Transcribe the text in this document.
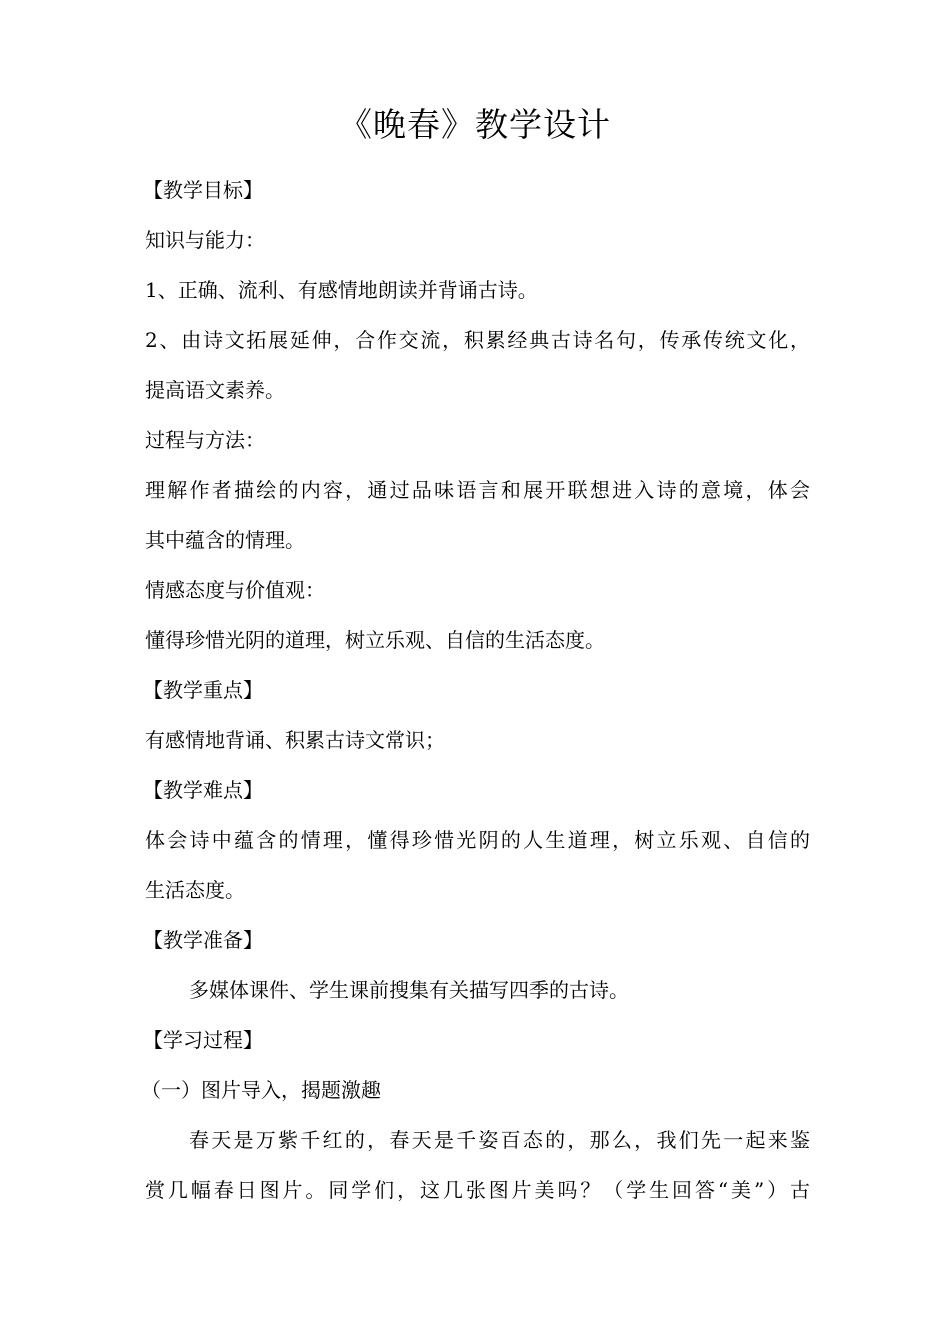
《晚春》教学设计
【教学目标】
知识与能力：
1、正确、流利、有感情地朗读并背诵古诗。
2、由诗文拓展延伸，合作交流，积累经典古诗名句，传承传统文化，
提高语文素养。
过程与方法：
理解作者描绘的内容，通过品味语言和展开联想进入诗的意境，体会
其中蕴含的情理。
情感态度与价值观：
懂得珍惜光阴的道理，树立乐观、自信的生活态度。
【教学重点】
有感情地背诵、积累古诗文常识；
【教学难点】
体会诗中蕴含的情理，懂得珍惜光阴的人生道理，树立乐观、自信的
生活态度。
【教学准备】
多媒体课件、学生课前搜集有关描写四季的古诗。
【学习过程】
（一）图片导入，揭题激趣
春天是万紫千红的，春天是千姿百态的，那么，我们先一起来鉴
赏几幅春日图片。同学们，这几张图片美吗？（学生回答“美”）古
